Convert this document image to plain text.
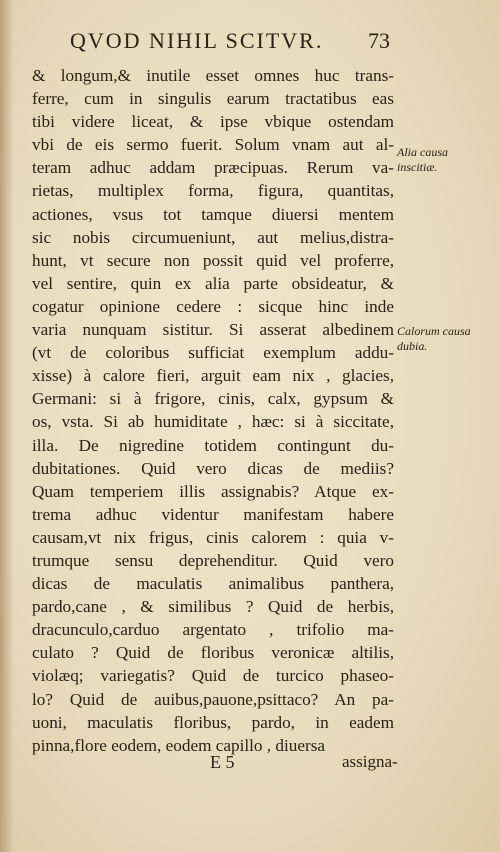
QVOD NIHIL SCITVR.	73
& longum,& inutile esset omnes huc trans-
ferre, cum in singulis earum tractatibus eas
tibi videre liceat, & ipse vbique ostendam
vbi de eis sermo fuerit. Solum vnam aut al-
teram adhuc addam præcipuas. Rerum va-
rietas, multiplex forma, figura, quantitas,
actiones, vsus tot tamque diuersi mentem
sic nobis circumueniunt, aut melius,distra-
hunt, vt secure non possit quid vel proferre,
vel sentire, quin ex alia parte obsideatur, &
cogatur opinione cedere : sicque hinc inde
varia nunquam sistitur. Si asserat albedinem
(vt de coloribus sufficiat exemplum addu-
xisse) à calore fieri, arguit eam nix , glacies,
Germani: si à frigore, cinis, calx, gypsum &
os, vsta. Si ab humiditate , hæc: si à siccitate,
illa. De nigredine totidem contingunt du-
dubitationes. Quid vero dicas de mediis?
Quam temperiem illis assignabis? Atque ex-
trema adhuc videntur manifestam habere
causam,vt nix frigus, cinis calorem : quia v-
trumque sensu deprehenditur. Quid vero
dicas de maculatis animalibus panthera,
pardo,cane , & similibus ? Quid de herbis,
dracunculo,carduo argentato , trifolio ma-
culato ? Quid de floribus veronicæ altilis,
violæq; variegatis? Quid de turcico phaseo-
lo? Quid de auibus,pauone,psittaco? An pa-
uoni, maculatis floribus, pardo, in eadem
pinna,flore eodem, eodem capillo , diuersa
Alia causa inscitiæ.
Calorum causa dubia.
E 5	assigna-
